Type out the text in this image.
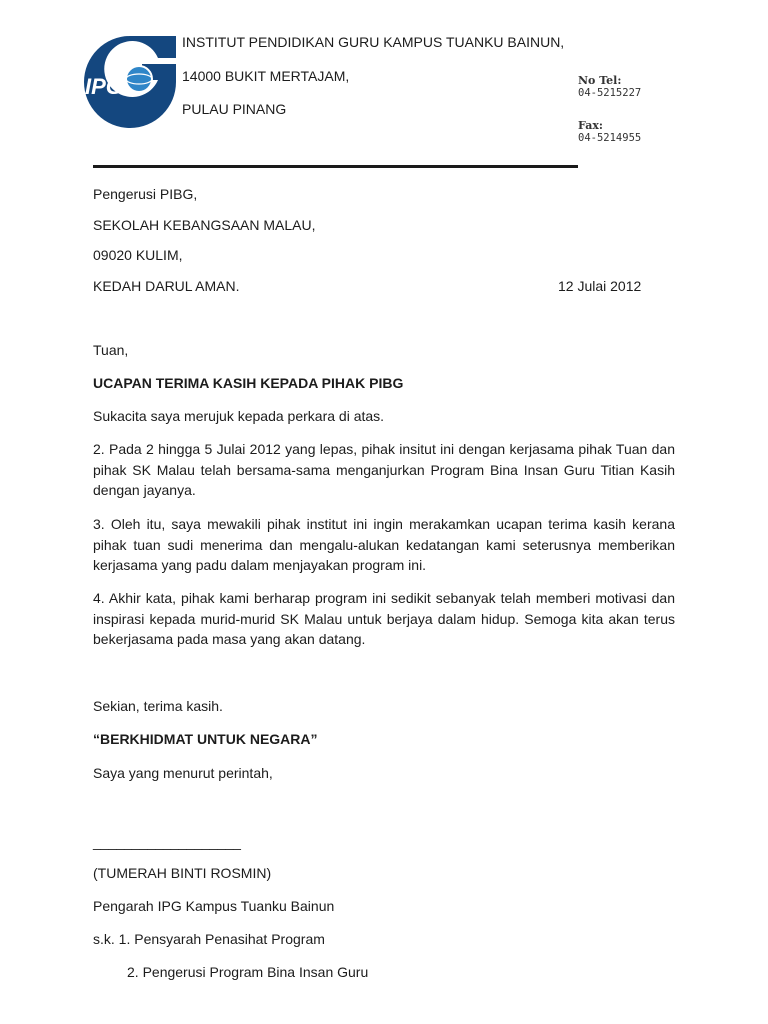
IPG
INSTITUT PENDIDIKAN GURU KAMPUS TUANKU BAINUN,
14000 BUKIT MERTAJAM,
PULAU PINANG
No Tel:
04-5215227
Fax:
04-5214955
Pengerusi PIBG,
SEKOLAH KEBANGSAAN MALAU,
09020 KULIM,
KEDAH DARUL AMAN.	12 Julai 2012
Tuan,
UCAPAN TERIMA KASIH KEPADA PIHAK PIBG
Sukacita saya merujuk kepada perkara di atas.
2. Pada 2 hingga 5 Julai 2012 yang lepas, pihak insitut ini dengan kerjasama pihak Tuan dan pihak SK Malau telah bersama-sama menganjurkan Program Bina Insan Guru Titian Kasih dengan jayanya.
3. Oleh itu, saya mewakili pihak institut ini ingin merakamkan ucapan terima kasih kerana pihak tuan sudi menerima dan mengalu-alukan kedatangan kami seterusnya memberikan kerjasama yang padu dalam menjayakan program ini.
4. Akhir kata, pihak kami berharap program ini sedikit sebanyak telah memberi motivasi dan inspirasi kepada murid-murid SK Malau untuk berjaya dalam hidup. Semoga kita akan terus bekerjasama pada masa yang akan datang.
Sekian, terima kasih.
“BERKHIDMAT UNTUK NEGARA”
Saya yang menurut perintah,
___________________
(TUMERAH BINTI ROSMIN)
Pengarah IPG Kampus Tuanku Bainun
s.k. 1. Pensyarah Penasihat Program
2. Pengerusi Program Bina Insan Guru
